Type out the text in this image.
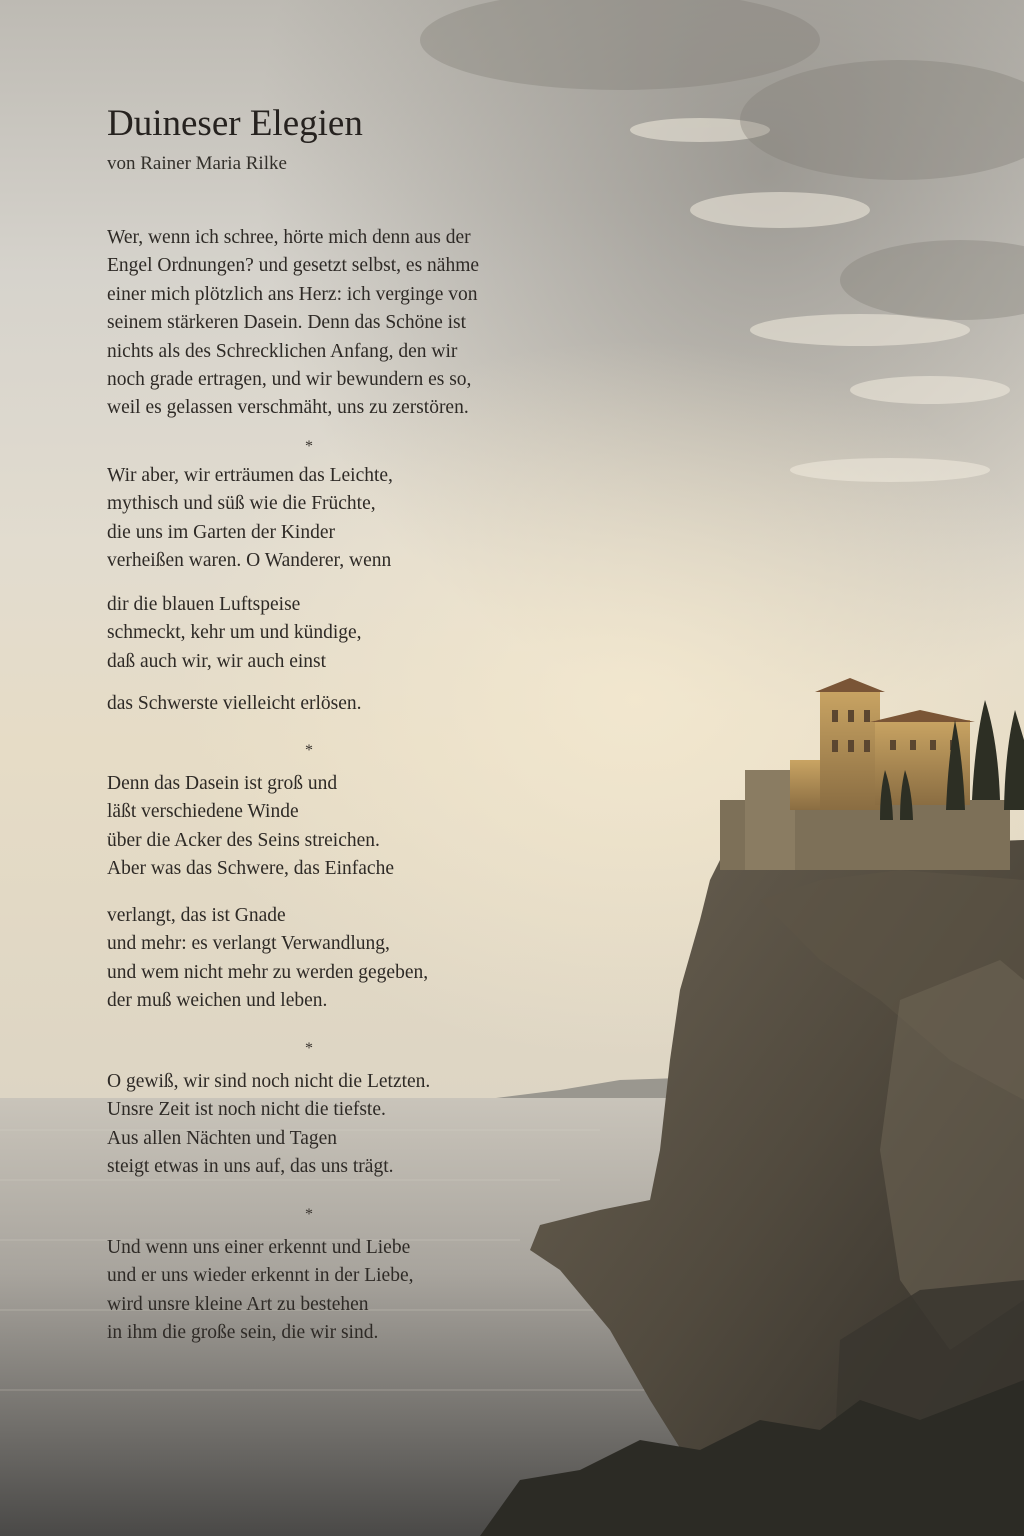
Duineser Elegien
von Rainer Maria Rilke
Wer, wenn ich schree, hörte mich denn aus der
Engel Ordnungen? und gesetzt selbst, es nähme
einer mich plötzlich ans Herz: ich verginge von
seinem stärkeren Dasein. Denn das Schöne ist
nichts als des Schrecklichen Anfang, den wir
noch grade ertragen, und wir bewundern es so,
weil es gelassen verschmäht, uns zu zerstören.
*
Wir aber, wir erträumen das Leichte,
mythisch und süß wie die Früchte,
die uns im Garten der Kinder
verheißen waren. O Wanderer, wenn
dir die blauen Luftspeise
schmeckt, kehr um und kündige,
daß auch wir, wir auch einst
das Schwerste vielleicht erlösen.
*
Denn das Dasein ist groß und
läßt verschiedene Winde
über die Acker des Seins streichen.
Aber was das Schwere, das Einfache
verlangt, das ist Gnade
und mehr: es verlangt Verwandlung,
und wem nicht mehr zu werden gegeben,
der muß weichen und leben.
*
O gewiß, wir sind noch nicht die Letzten.
Unsre Zeit ist noch nicht die tiefste.
Aus allen Nächten und Tagen
steigt etwas in uns auf, das uns trägt.
*
Und wenn uns einer erkennt und Liebe
und er uns wieder erkennt in der Liebe,
wird unsre kleine Art zu bestehen
in ihm die große sein, die wir sind.
